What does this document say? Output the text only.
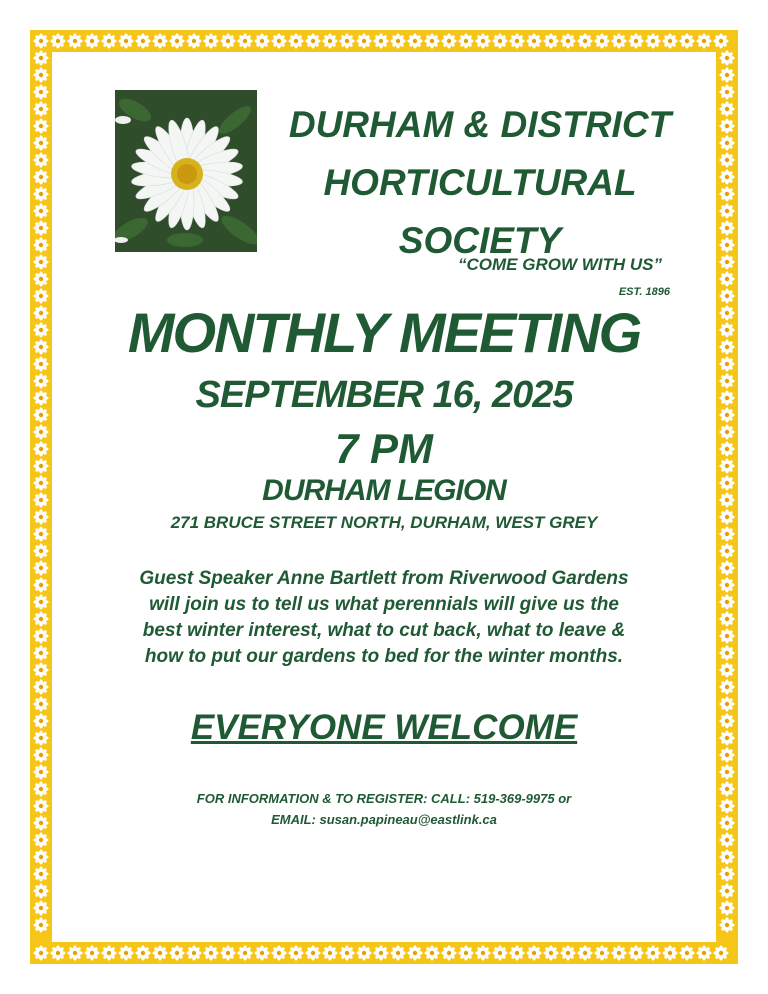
DURHAM & DISTRICT
HORTICULTURAL
SOCIETY
“COME GROW WITH US”
EST. 1896
MONTHLY MEETING
SEPTEMBER 16, 2025
7 PM
DURHAM LEGION
271 BRUCE STREET NORTH, DURHAM, WEST GREY
Guest Speaker Anne Bartlett from Riverwood Gardens
will join us to tell us what perennials will give us the
best winter interest, what to cut back, what to leave &
how to put our gardens to bed for the winter months.
EVERYONE WELCOME
FOR INFORMATION & TO REGISTER: CALL: 519-369-9975 or
EMAIL: susan.papineau@eastlink.ca
